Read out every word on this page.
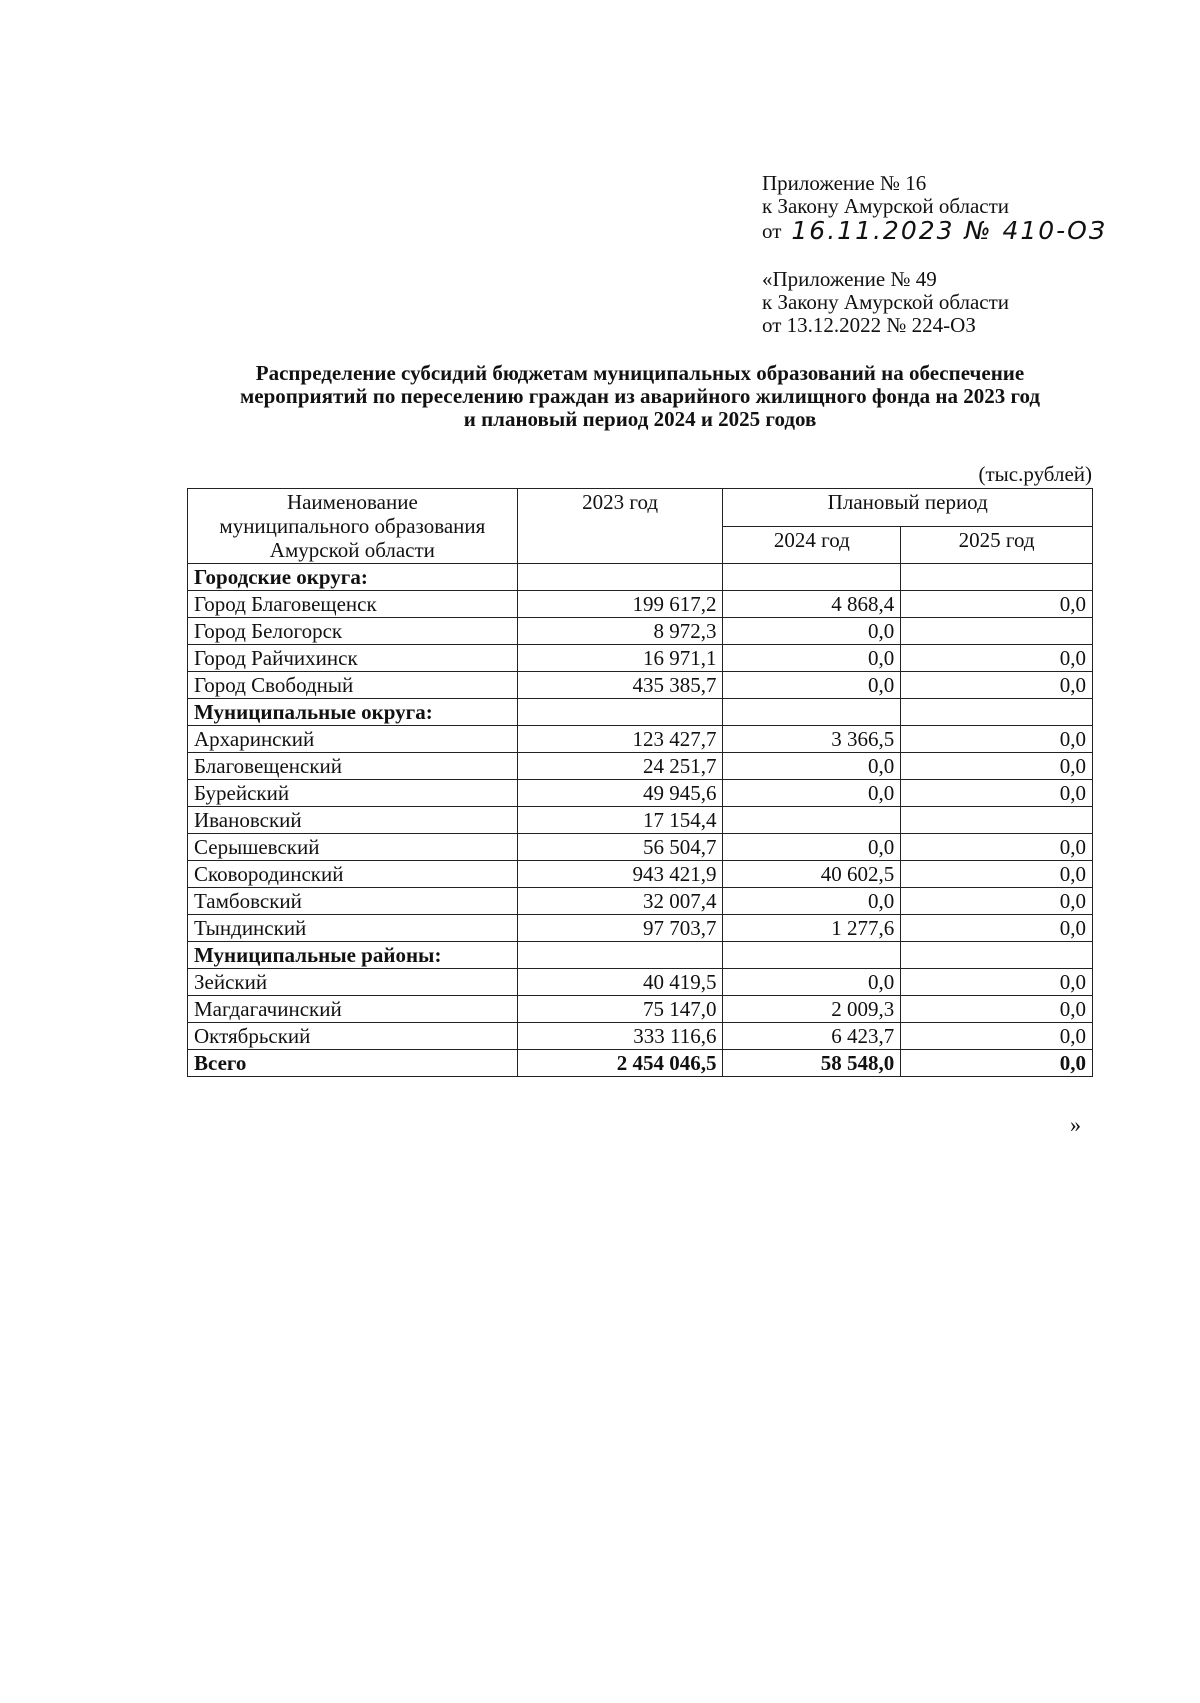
Приложение № 16
к Закону Амурской области
от 16.11.2023 № 410-ОЗ
«Приложение № 49
к Закону Амурской области
от 13.12.2022 № 224-ОЗ
Распределение субсидий бюджетам муниципальных образований на обеспечение
мероприятий по переселению граждан из аварийного жилищного фонда на 2023 год
и плановый период 2024 и 2025 годов
(тыс.рублей)
Наименование
муниципального образования
Амурской области	2023 год	Плановый период	
		2024 год	2025 год
Городские округа:			
Город Благовещенск	199 617,2	4 868,4	0,0
Город Белогорск	8 972,3	0,0	
Город Райчихинск	16 971,1	0,0	0,0
Город Свободный	435 385,7	0,0	0,0
Муниципальные округа:			
Архаринский	123 427,7	3 366,5	0,0
Благовещенский	24 251,7	0,0	0,0
Бурейский	49 945,6	0,0	0,0
Ивановский	17 154,4		
Серышевский	56 504,7	0,0	0,0
Сковородинский	943 421,9	40 602,5	0,0
Тамбовский	32 007,4	0,0	0,0
Тындинский	97 703,7	1 277,6	0,0
Муниципальные районы:			
Зейский	40 419,5	0,0	0,0
Магдагачинский	75 147,0	2 009,3	0,0
Октябрьский	333 116,6	6 423,7	0,0
Всего	2 454 046,5	58 548,0	0,0
»
